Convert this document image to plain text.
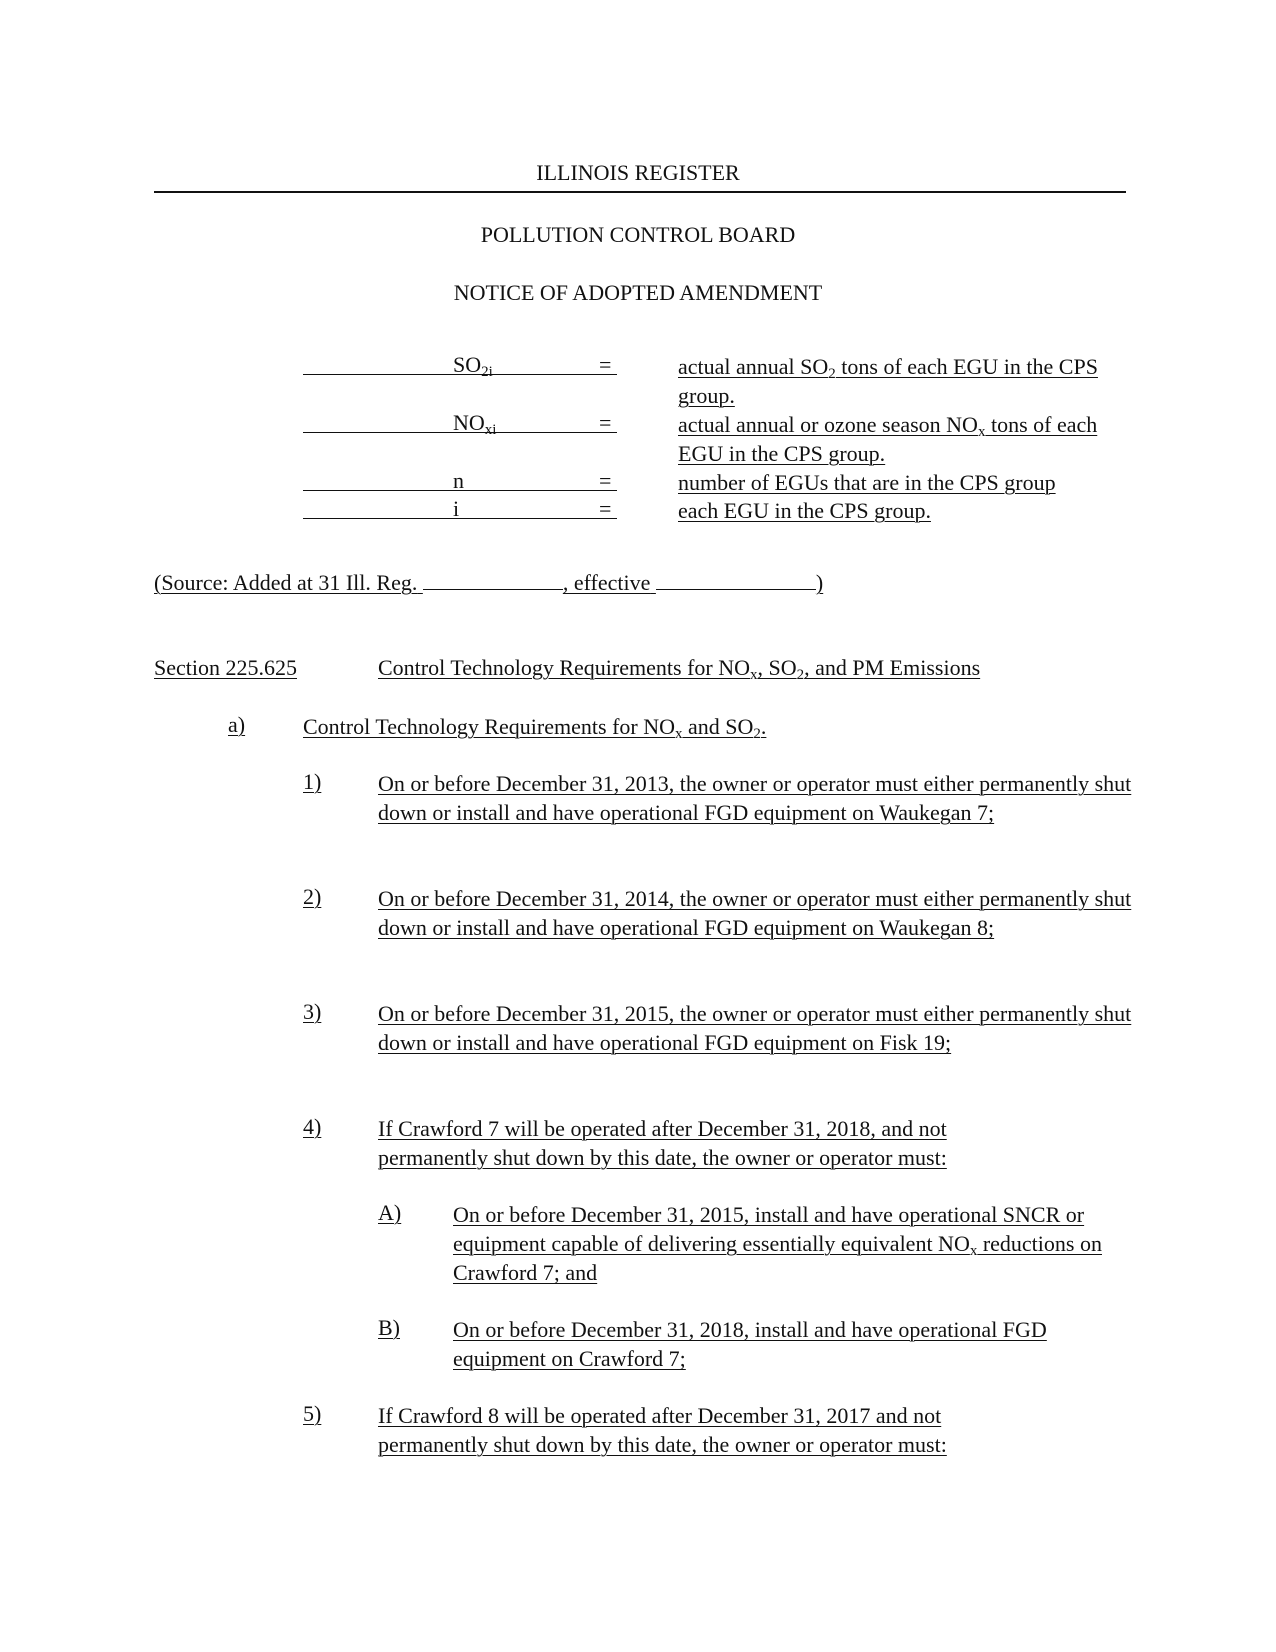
ILLINOIS REGISTER
POLLUTION CONTROL BOARD
NOTICE OF ADOPTED AMENDMENT
$SO_{2i}$	=	actual annual $SO_2$ tons of each EGU in the CPS group.
$NO_{xi}$	=	actual annual or ozone season $NO_x$ tons of each EGU in the CPS group.
n	=	number of EGUs that are in the CPS group
i	=	each EGU in the CPS group.
(Source: Added at 31 Ill. Reg.	, effective	)
Section 225.625	Control Technology Requirements for $NO_x$, $SO_2$, and PM Emissions
a)	Control Technology Requirements for $NO_x$ and $SO_2$.
1)	On or before December 31, 2013, the owner or operator must either permanently shut down or install and have operational FGD equipment on Waukegan 7;
2)	On or before December 31, 2014, the owner or operator must either permanently shut down or install and have operational FGD equipment on Waukegan 8;
3)	On or before December 31, 2015, the owner or operator must either permanently shut down or install and have operational FGD equipment on Fisk 19;
4)	If Crawford 7 will be operated after December 31, 2018, and not permanently shut down by this date, the owner or operator must:
A)	On or before December 31, 2015, install and have operational SNCR or equipment capable of delivering essentially equivalent $NO_x$ reductions on Crawford 7; and
B)	On or before December 31, 2018, install and have operational FGD equipment on Crawford 7;
5)	If Crawford 8 will be operated after December 31, 2017 and not permanently shut down by this date, the owner or operator must:
